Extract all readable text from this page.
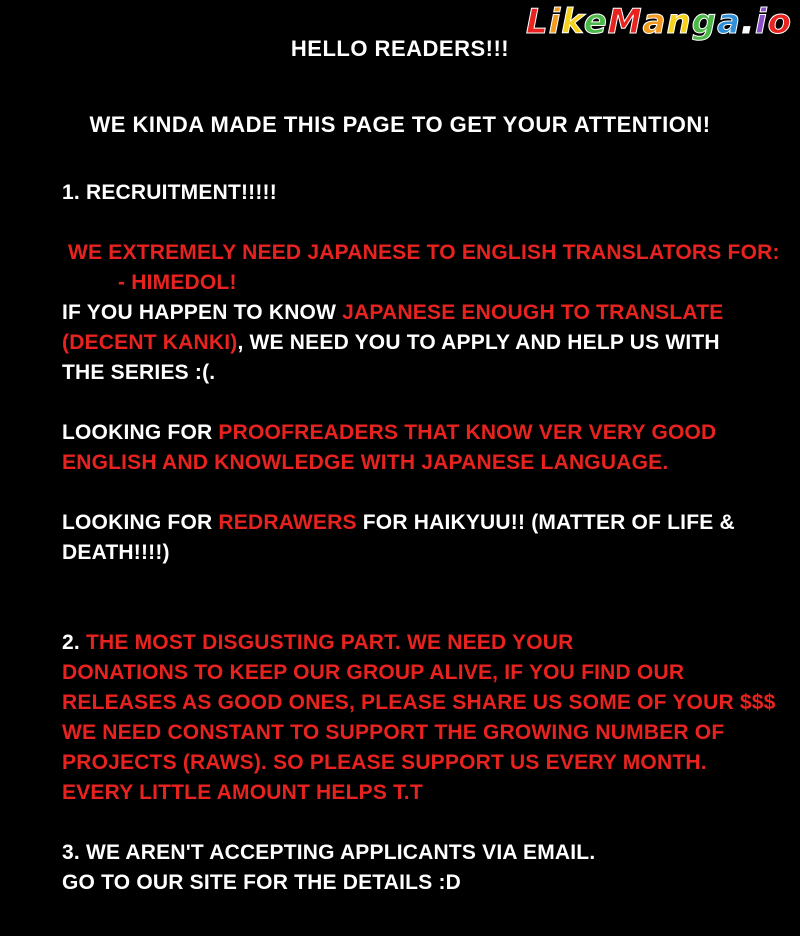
LikeManga.io
HELLO READERS!!!
WE KINDA MADE THIS PAGE TO GET YOUR ATTENTION!
1. RECRUITMENT!!!!!
WE EXTREMELY NEED JAPANESE TO ENGLISH TRANSLATORS FOR:
- HIMEDOL!
IF YOU HAPPEN TO KNOW JAPANESE ENOUGH TO TRANSLATE
(DECENT KANKI), WE NEED YOU TO APPLY AND HELP US WITH
THE SERIES :(.
LOOKING FOR PROOFREADERS THAT KNOW VER VERY GOOD
ENGLISH AND KNOWLEDGE WITH JAPANESE LANGUAGE.
LOOKING FOR REDRAWERS FOR HAIKYUU!! (MATTER OF LIFE &
DEATH!!!!)
2. THE MOST DISGUSTING PART. WE NEED YOUR
DONATIONS TO KEEP OUR GROUP ALIVE, IF YOU FIND OUR
RELEASES AS GOOD ONES, PLEASE SHARE US SOME OF YOUR $$$
WE NEED CONSTANT TO SUPPORT THE GROWING NUMBER OF
PROJECTS (RAWS). SO PLEASE SUPPORT US EVERY MONTH.
EVERY LITTLE AMOUNT HELPS T.T
3. WE AREN'T ACCEPTING APPLICANTS VIA EMAIL.
GO TO OUR SITE FOR THE DETAILS :D
